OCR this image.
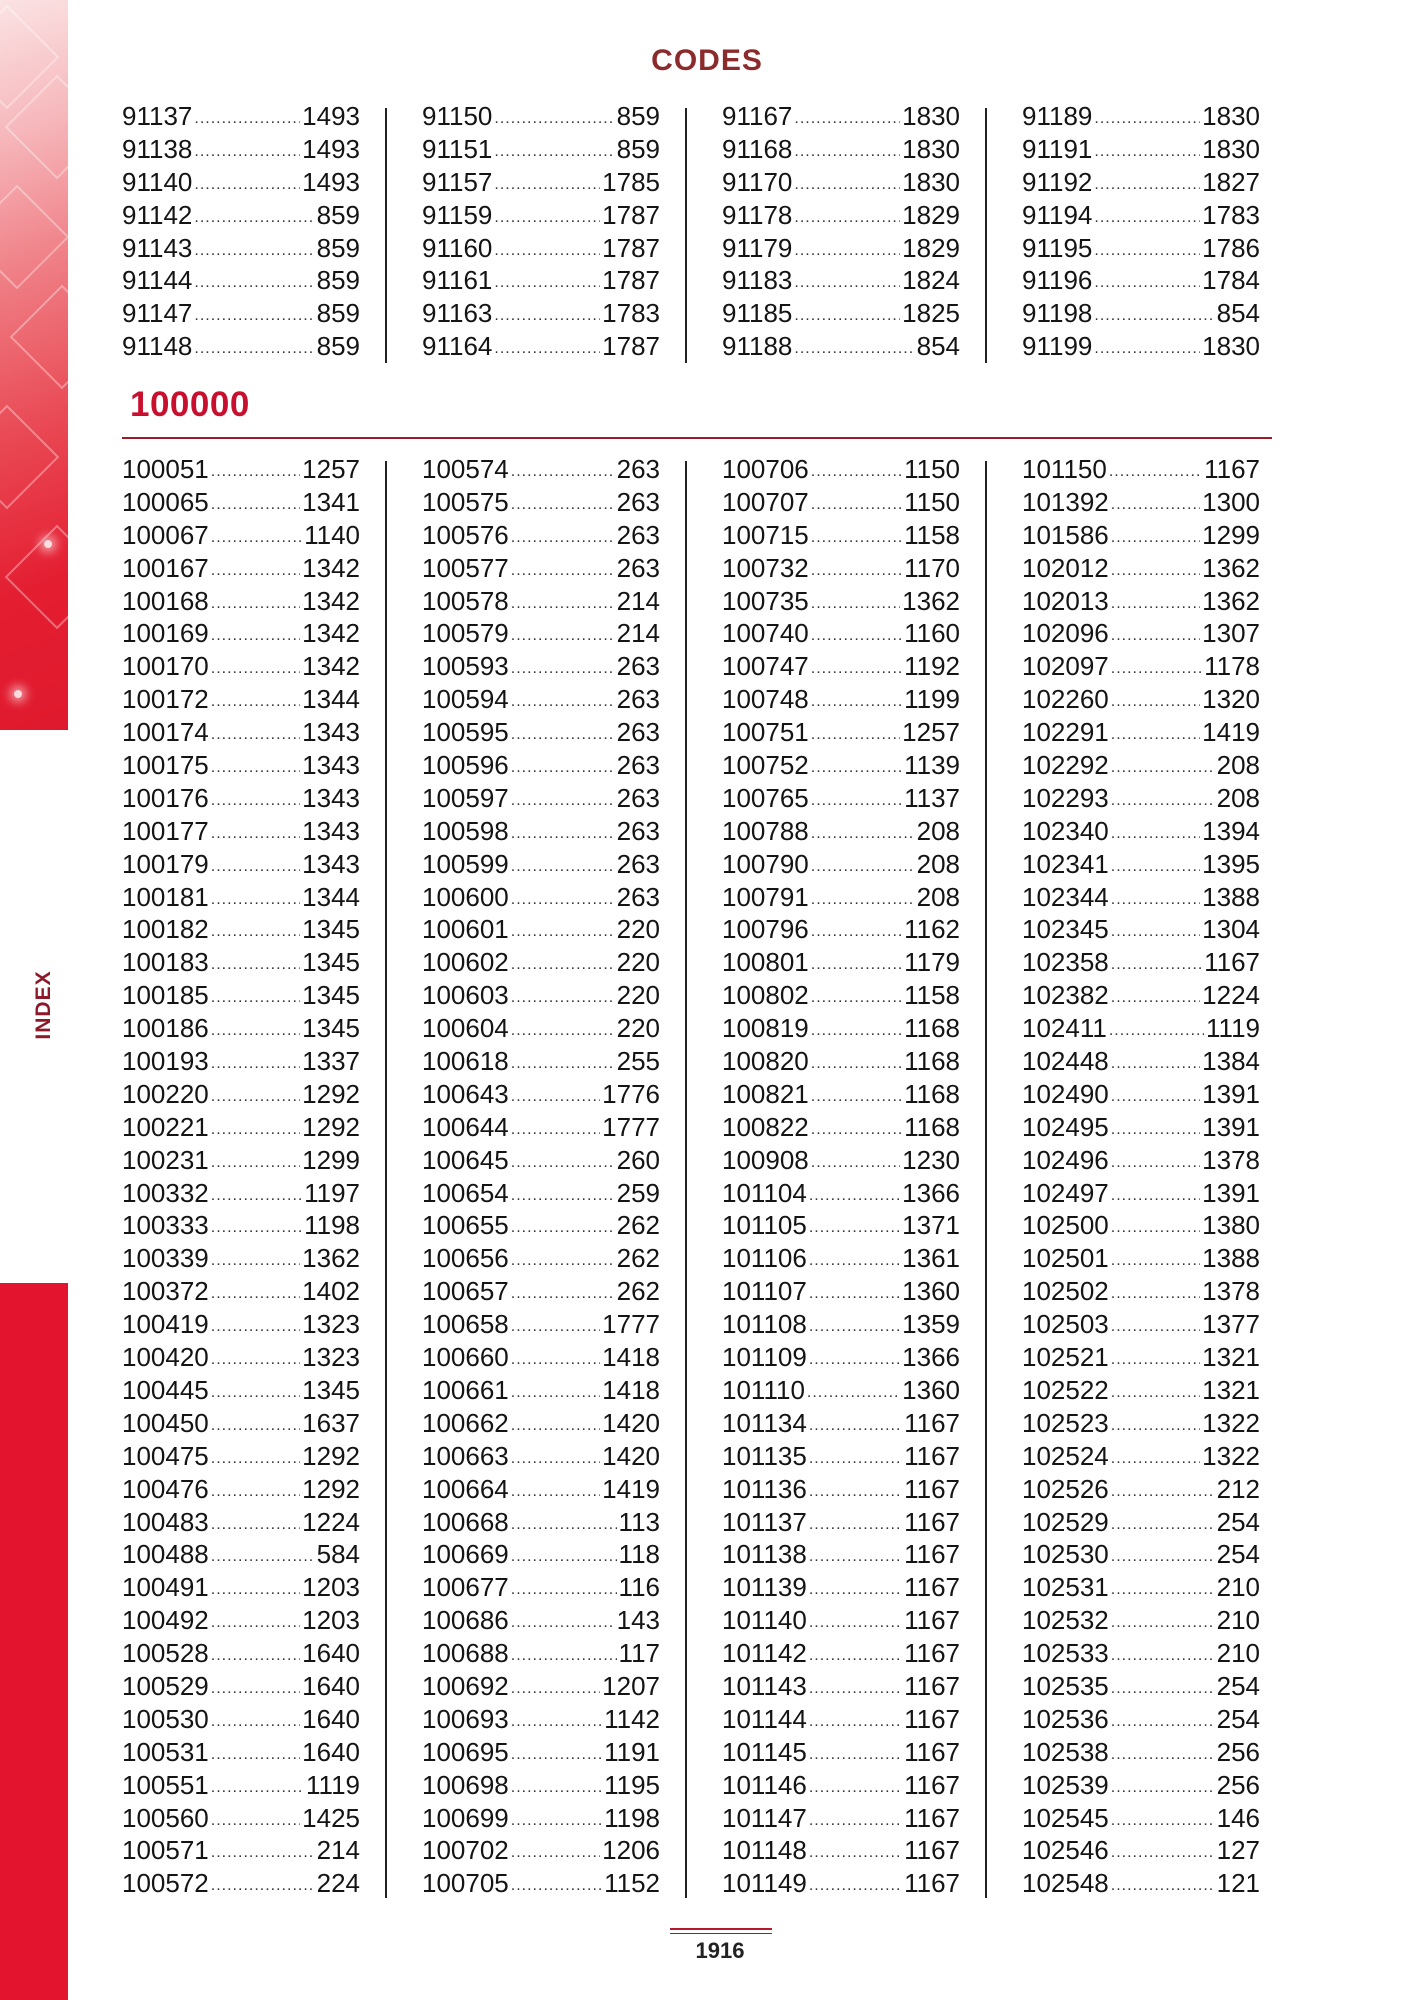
INDEX
CODES
91137 .....	1493
91138 .....	1493
91140 .....	1493
91142 .....	859
91143 .....	859
91144 .....	859
91147 .....	859
91148 .....	859
91150 .....	859
91151 .....	859
91157 .....	1785
91159 .....	1787
91160 .....	1787
91161 .....	1787
91163 .....	1783
91164 .....	1787
91167 .....	1830
91168 .....	1830
91170 .....	1830
91178 .....	1829
91179 .....	1829
91183 .....	1824
91185 .....	1825
91188 .....	854
91189 .....	1830
91191 .....	1830
91192 .....	1827
91194 .....	1783
91195 .....	1786
91196 .....	1784
91198 .....	854
91199 .....	1830
100000
100051 .....	1257
100065 .....	1341
100067 .....	1140
100167 .....	1342
100168 .....	1342
100169 .....	1342
100170 .....	1342
100172 .....	1344
100174 .....	1343
100175 .....	1343
100176 .....	1343
100177 .....	1343
100179 .....	1343
100181 .....	1344
100182 .....	1345
100183 .....	1345
100185 .....	1345
100186 .....	1345
100193 .....	1337
100220 .....	1292
100221 .....	1292
100231 .....	1299
100332 .....	1197
100333 .....	1198
100339 .....	1362
100372 .....	1402
100419 .....	1323
100420 .....	1323
100445 .....	1345
100450 .....	1637
100475 .....	1292
100476 .....	1292
100483 .....	1224
100488 .....	584
100491 .....	1203
100492 .....	1203
100528 .....	1640
100529 .....	1640
100530 .....	1640
100531 .....	1640
100551 .....	1119
100560 .....	1425
100571 .....	214
100572 .....	224
100574 .....	263
100575 .....	263
100576 .....	263
100577 .....	263
100578 .....	214
100579 .....	214
100593 .....	263
100594 .....	263
100595 .....	263
100596 .....	263
100597 .....	263
100598 .....	263
100599 .....	263
100600 .....	263
100601 .....	220
100602 .....	220
100603 .....	220
100604 .....	220
100618 .....	255
100643 .....	1776
100644 .....	1777
100645 .....	260
100654 .....	259
100655 .....	262
100656 .....	262
100657 .....	262
100658 .....	1777
100660 .....	1418
100661 .....	1418
100662 .....	1420
100663 .....	1420
100664 .....	1419
100668 .....	113
100669 .....	118
100677 .....	116
100686 .....	143
100688 .....	117
100692 .....	1207
100693 .....	1142
100695 .....	1191
100698 .....	1195
100699 .....	1198
100702 .....	1206
100705 .....	1152
100706 .....	1150
100707 .....	1150
100715 .....	1158
100732 .....	1170
100735 .....	1362
100740 .....	1160
100747 .....	1192
100748 .....	1199
100751 .....	1257
100752 .....	1139
100765 .....	1137
100788 .....	208
100790 .....	208
100791 .....	208
100796 .....	1162
100801 .....	1179
100802 .....	1158
100819 .....	1168
100820 .....	1168
100821 .....	1168
100822 .....	1168
100908 .....	1230
101104 .....	1366
101105 .....	1371
101106 .....	1361
101107 .....	1360
101108 .....	1359
101109 .....	1366
101110 .....	1360
101134 .....	1167
101135 .....	1167
101136 .....	1167
101137 .....	1167
101138 .....	1167
101139 .....	1167
101140 .....	1167
101142 .....	1167
101143 .....	1167
101144 .....	1167
101145 .....	1167
101146 .....	1167
101147 .....	1167
101148 .....	1167
101149 .....	1167
101150 .....	1167
101392 .....	1300
101586 .....	1299
102012 .....	1362
102013 .....	1362
102096 .....	1307
102097 .....	1178
102260 .....	1320
102291 .....	1419
102292 .....	208
102293 .....	208
102340 .....	1394
102341 .....	1395
102344 .....	1388
102345 .....	1304
102358 .....	1167
102382 .....	1224
102411 .....	1119
102448 .....	1384
102490 .....	1391
102495 .....	1391
102496 .....	1378
102497 .....	1391
102500 .....	1380
102501 .....	1388
102502 .....	1378
102503 .....	1377
102521 .....	1321
102522 .....	1321
102523 .....	1322
102524 .....	1322
102526 .....	212
102529 .....	254
102530 .....	254
102531 .....	210
102532 .....	210
102533 .....	210
102535 .....	254
102536 .....	254
102538 .....	256
102539 .....	256
102545 .....	146
102546 .....	127
102548 .....	121
1916
